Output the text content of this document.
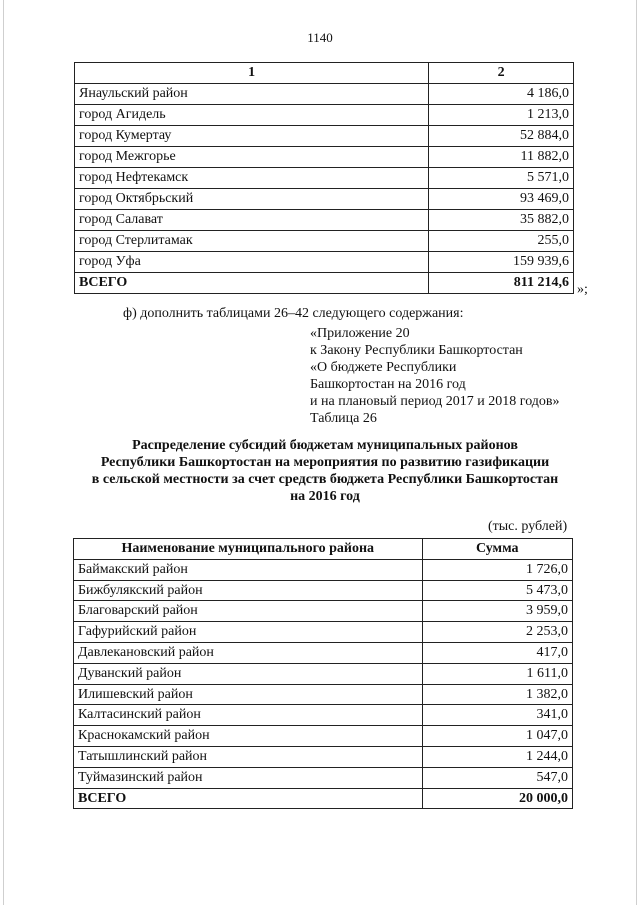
1140
1	2
Янаульский район	4 186,0
город Агидель	1 213,0
город Кумертау	52 884,0
город Межгорье	11 882,0
город Нефтекамск	5 571,0
город Октябрьский	93 469,0
город Салават	35 882,0
город Стерлитамак	255,0
город Уфа	159 939,6
ВСЕГО	811 214,6 »;
ф) дополнить таблицами 26–42 следующего содержания:
«Приложение 20
к Закону Республики Башкортостан
«О бюджете Республики
Башкортостан на 2016 год
и на плановый период 2017 и 2018 годов»
Таблица 26
Распределение субсидий бюджетам муниципальных районов
Республики Башкортостан на мероприятия по развитию газификации
в сельской местности за счет средств бюджета Республики Башкортостан
на 2016 год
(тыс. рублей)
Наименование муниципального района	Сумма
Баймакский район	1 726,0
Бижбулякский район	5 473,0
Благоварский район	3 959,0
Гафурийский район	2 253,0
Давлекановский район	417,0
Дуванский район	1 611,0
Илишевский район	1 382,0
Калтасинский район	341,0
Краснокамский район	1 047,0
Татышлинский район	1 244,0
Туймазинский район	547,0
ВСЕГО	20 000,0
